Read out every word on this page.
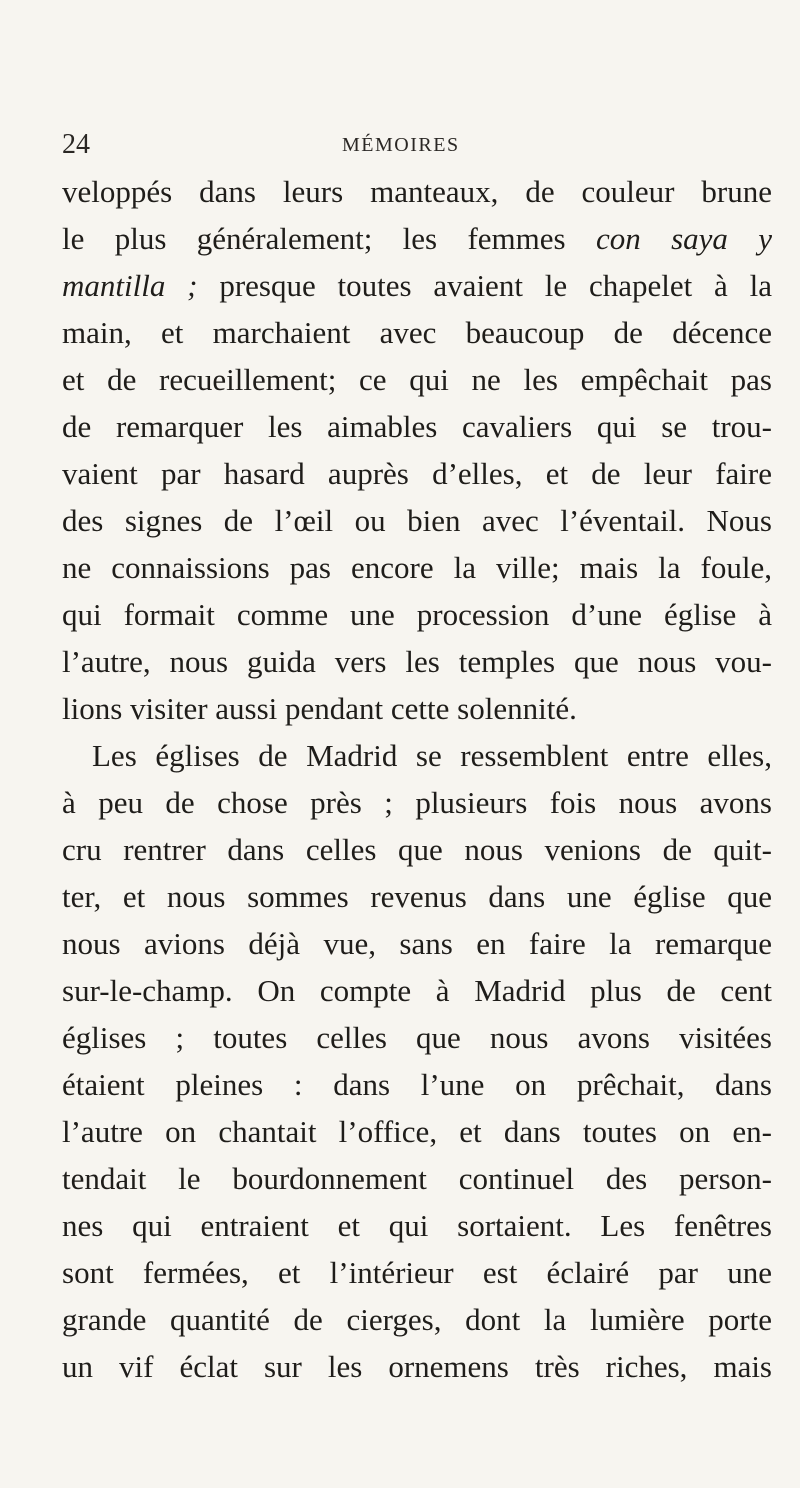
24	MÉMOIRES
veloppés dans leurs manteaux, de couleur brune
le plus généralement; les femmes con saya y
mantilla ; presque toutes avaient le chapelet à la
main, et marchaient avec beaucoup de décence
et de recueillement; ce qui ne les empêchait pas
de remarquer les aimables cavaliers qui se trou-
vaient par hasard auprès d’elles, et de leur faire
des signes de l’œil ou bien avec l’éventail. Nous
ne connaissions pas encore la ville; mais la foule,
qui formait comme une procession d’une église à
l’autre, nous guida vers les temples que nous vou-
lions visiter aussi pendant cette solennité.
Les églises de Madrid se ressemblent entre elles,
à peu de chose près ; plusieurs fois nous avons
cru rentrer dans celles que nous venions de quit-
ter, et nous sommes revenus dans une église que
nous avions déjà vue, sans en faire la remarque
sur-le-champ. On compte à Madrid plus de cent
églises ; toutes celles que nous avons visitées
étaient pleines : dans l’une on prêchait, dans
l’autre on chantait l’office, et dans toutes on en-
tendait le bourdonnement continuel des person-
nes qui entraient et qui sortaient. Les fenêtres
sont fermées, et l’intérieur est éclairé par une
grande quantité de cierges, dont la lumière porte
un vif éclat sur les ornemens très riches, mais
